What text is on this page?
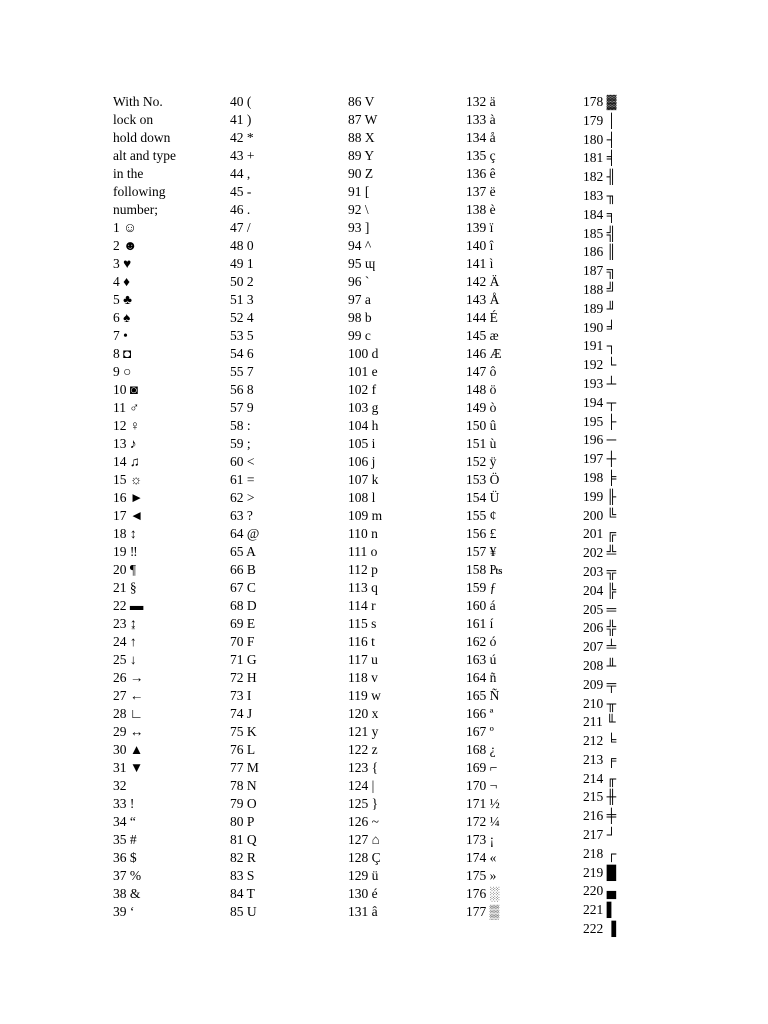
With No.
lock on
hold down
alt and type
in the
following
number;
1 ☺
2 ☻
3 ♥
4 ♦
5 ♣
6 ♠
7 •
8 ◘
9 ○
10 ◙
11 ♂
12 ♀
13 ♪
14 ♫
15 ☼
16 ►
17 ◄
18 ↕
19 ‼
20 ¶
21 §
22 ▬
23 ↨
24 ↑
25 ↓
26 →
27 ←
28 ∟
29 ↔
30 ▲
31 ▼
32
33 !
34 “
35 #
36 $
37 %
38 &
39 ‘
40 (
41 )
42 *
43 +
44 ,
45 -
46 .
47 /
48 0
49 1
50 2
51 3
52 4
53 5
54 6
55 7
56 8
57 9
58 :
59 ;
60 <
61 =
62 >
63 ?
64 @
65 A
66 B
67 C
68 D
69 E
70 F
71 G
72 H
73 I
74 J
75 K
76 L
77 M
78 N
79 O
80 P
81 Q
82 R
83 S
84 T
85 U
86 V
87 W
88 X
89 Y
90 Z
91 [
92 \
93 ]
94 ^
95 ɰ
96 `
97 a
98 b
99 c
100 d
101 e
102 f
103 g
104 h
105 i
106 j
107 k
108 l
109 m
110 n
111 o
112 p
113 q
114 r
115 s
116 t
117 u
118 v
119 w
120 x
121 y
122 z
123 {
124 |
125 }
126 ~
127 ⌂
128 Ç
129 ü
130 é
131 â
132 ä
133 à
134 å
135 ç
136 ê
137 ë
138 è
139 ï
140 î
141 ì
142 Ä
143 Å
144 É
145 æ
146 Æ
147 ô
148 ö
149 ò
150 û
151 ù
152 ÿ
153 Ö
154 Ü
155 ¢
156 £
157 ¥
158 ₧
159 ƒ
160 á
161 í
162 ó
163 ú
164 ñ
165 Ñ
166 ª
167 º
168 ¿
169 ⌐
170 ¬
171 ½
172 ¼
173 ¡
174 «
175 »
176 ░
177 ▒
178 ▓
179 │
180 ┤
181 ╡
182 ╢
183 ╖
184 ╕
185 ╣
186 ║
187 ╗
188 ╝
189 ╜
190 ╛
191 ┐
192 └
193 ┴
194 ┬
195 ├
196 ─
197 ┼
198 ╞
199 ╟
200 ╚
201 ╔
202 ╩
203 ╦
204 ╠
205 ═
206 ╬
207 ╧
208 ╨
209 ╤
210 ╥
211 ╙
212 ╘
213 ╒
214 ╓
215 ╫
216 ╪
217 ┘
218 ┌
219 █
220 ▄
221 ▌
222 ▐
